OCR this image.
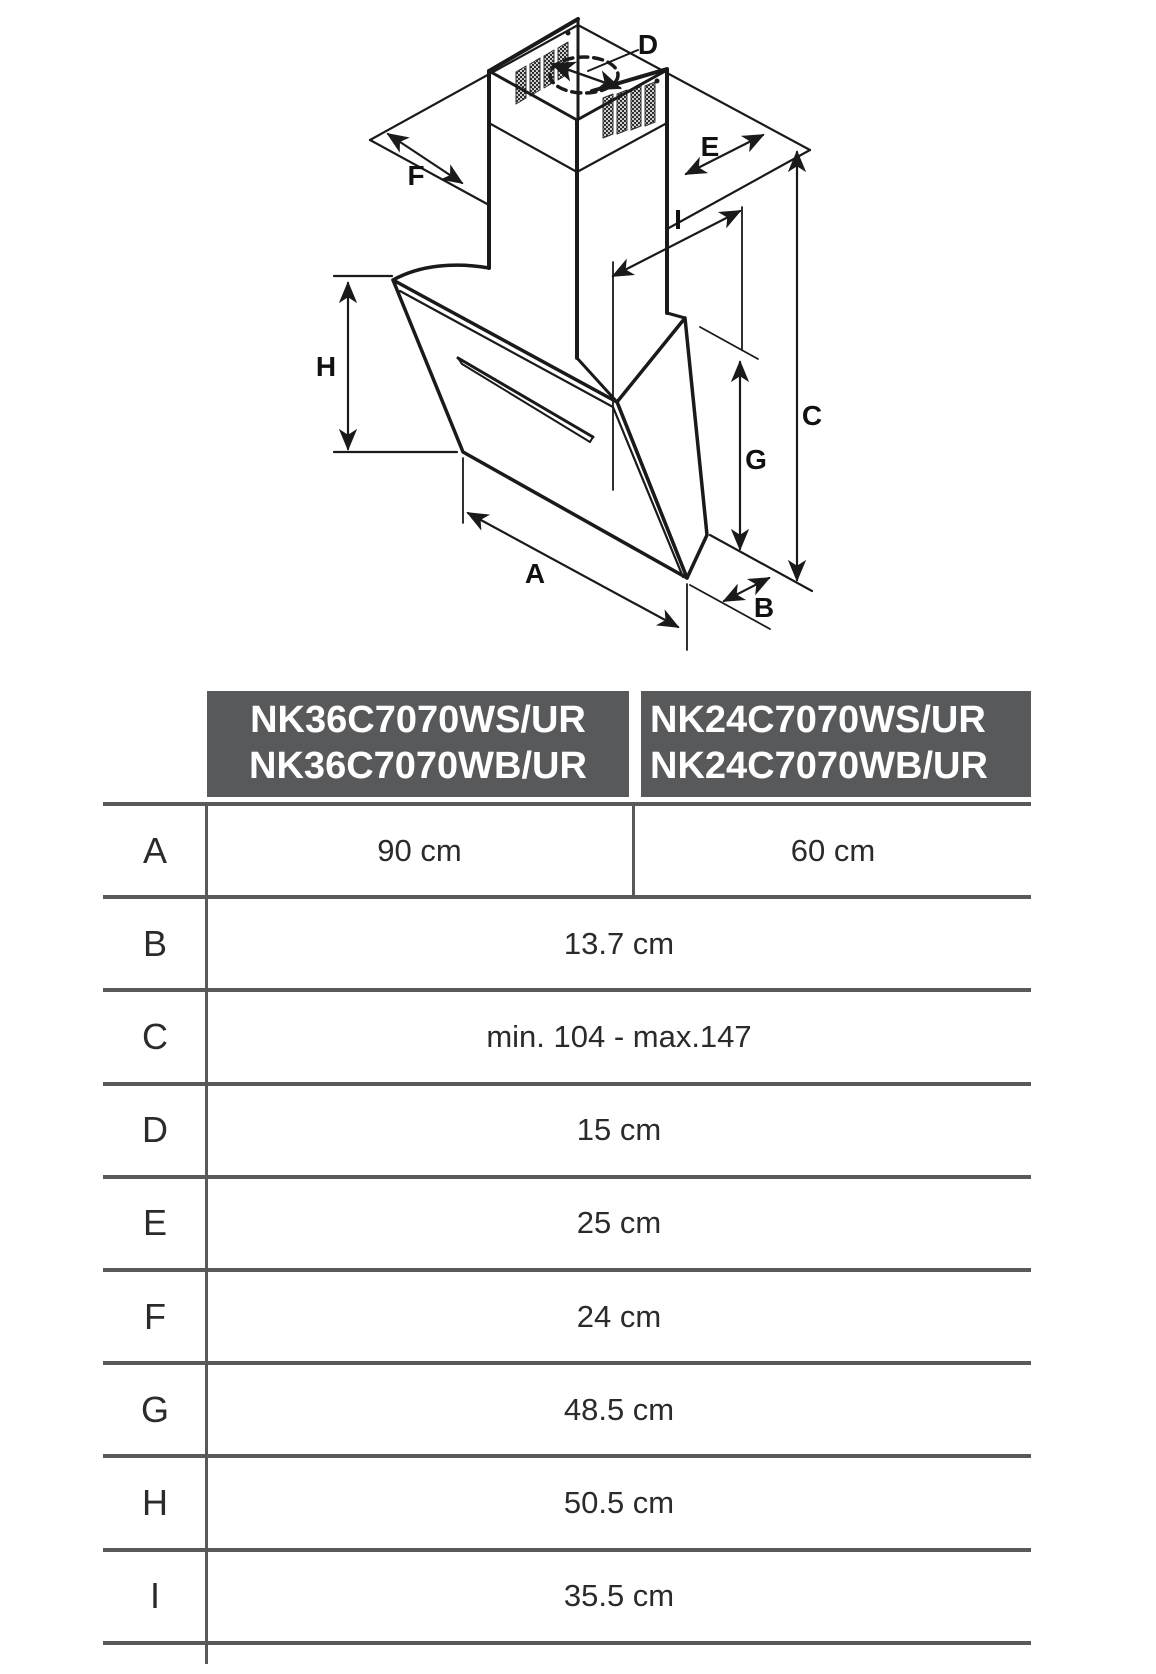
D
E
F
I
H
C
G
A
B
NK36C7070WS/UR
NK36C7070WB/UR
NK24C7070WS/UR
NK24C7070WB/UR
A	90 cm	60 cm
B	13.7 cm
C	min. 104 - max.147
D	15 cm
E	25 cm
F	24 cm
G	48.5 cm
H	50.5 cm
I	35.5 cm
